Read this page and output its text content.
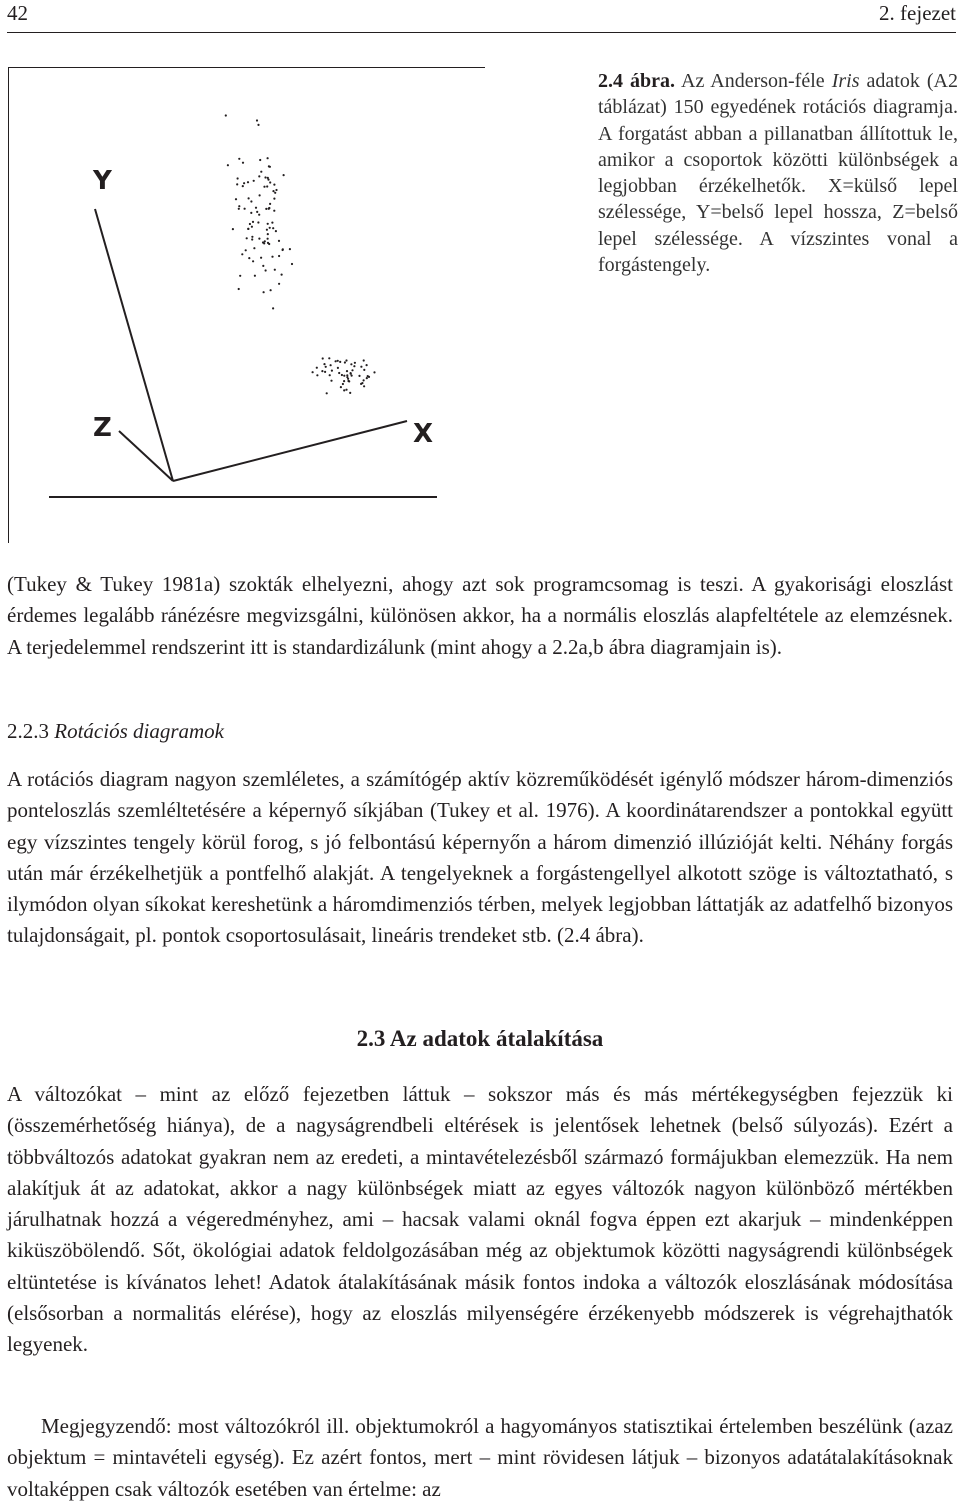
42	2. fejezet
Y
Z	X
2.4 ábra. Az Anderson-féle Iris adatok (A2 táblázat) 150 egyedének rotációs diagramja. A forgatást abban a pillanatban állítottuk le, amikor a csoportok közötti különbségek a legjobban érzékelhetők. X=külső lepel szélessége, Y=belső lepel hossza, Z=belső lepel szélessége. A vízszintes vonal a forgástengely.

(Tukey & Tukey 1981a) szokták elhelyezni, ahogy azt sok programcsomag is teszi. A gyakorisági eloszlást érdemes legalább ránézésre megvizsgálni, különösen akkor, ha a normális eloszlás alapfeltétele az elemzésnek. A terjedelemmel rendszerint itt is standardizálunk (mint ahogy a 2.2a,b ábra diagramjain is).

2.2.3 Rotációs diagramok

A rotációs diagram nagyon szemléletes, a számítógép aktív közreműködését igénylő módszer három-dimenziós ponteloszlás szemléltetésére a képernyő síkjában (Tukey et al. 1976). A koordinátarendszer a pontokkal együtt egy vízszintes tengely körül forog, s jó felbontású képernyőn a három dimenzió illúzióját kelti. Néhány forgás után már érzékelhetjük a pontfelhő alakját. A tengelyeknek a forgástengellyel alkotott szöge is változtatható, s ilymódon olyan síkokat kereshetünk a háromdimenziós térben, melyek legjobban láttatják az adatfelhő bizonyos tulajdonságait, pl. pontok csoportosulásait, lineáris trendeket stb. (2.4 ábra).

2.3 Az adatok átalakítása

A változókat – mint az előző fejezetben láttuk – sokszor más és más mértékegységben fejezzük ki (összemérhetőség hiánya), de a nagyságrendbeli eltérések is jelentősek lehetnek (belső súlyozás). Ezért a többváltozós adatokat gyakran nem az eredeti, a mintavételezésből származó formájukban elemezzük. Ha nem alakítjuk át az adatokat, akkor a nagy különbségek miatt az egyes változók nagyon különböző mértékben járulhatnak hozzá a végeredményhez, ami – hacsak valami oknál fogva éppen ezt akarjuk – mindenképpen kiküszöbölendő. Sőt, ökológiai adatok feldolgozásában még az objektumok közötti nagyságrendi különbségek eltüntetése is kívánatos lehet! Adatok átalakításának másik fontos indoka a változók eloszlásának módosítása (elsősorban a normalitás elérése), hogy az eloszlás milyenségére érzékenyebb módszerek is végrehajthatók legyenek.

Megjegyzendő: most változókról ill. objektumokról a hagyományos statisztikai értelemben beszélünk (azaz objektum = mintavételi egység). Ez azért fontos, mert – mint rövidesen látjuk – bizonyos adatátalakításoknak voltaképpen csak változók esetében van értelme: az
